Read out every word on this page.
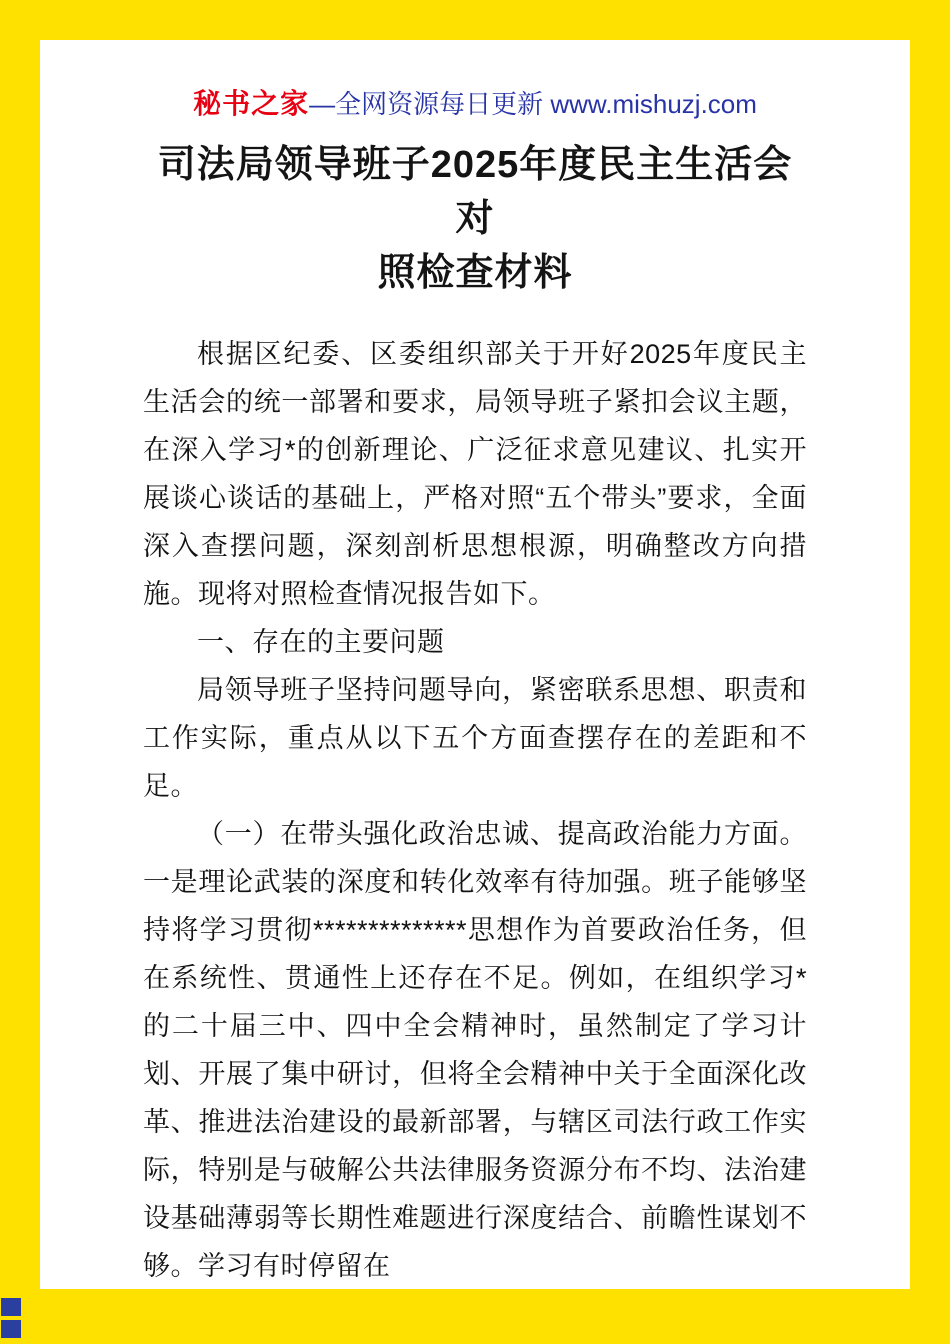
秘书之家—全网资源每日更新 www.mishuzj.com
司法局领导班子2025年度民主生活会对
照检查材料

根据区纪委、区委组织部关于开好2025年度民主生活会的统一部署和要求，局领导班子紧扣会议主题，在深入学习*的创新理论、广泛征求意见建议、扎实开展谈心谈话的基础上，严格对照“五个带头”要求，全面深入查摆问题，深刻剖析思想根源，明确整改方向措施。现将对照检查情况报告如下。

一、存在的主要问题

局领导班子坚持问题导向，紧密联系思想、职责和工作实际，重点从以下五个方面查摆存在的差距和不足。

（一）在带头强化政治忠诚、提高政治能力方面。一是理论武装的深度和转化效率有待加强。班子能够坚持将学习贯彻**************思想作为首要政治任务，但在系统性、贯通性上还存在不足。例如，在组织学习*的二十届三中、四中全会精神时，虽然制定了学习计划、开展了集中研讨，但将全会精神中关于全面深化改革、推进法治建设的最新部署，与辖区司法行政工作实际，特别是与破解公共法律服务资源分布不均、法治建设基础薄弱等长期性难题进行深度结合、前瞻性谋划不够。学习有时停留在
